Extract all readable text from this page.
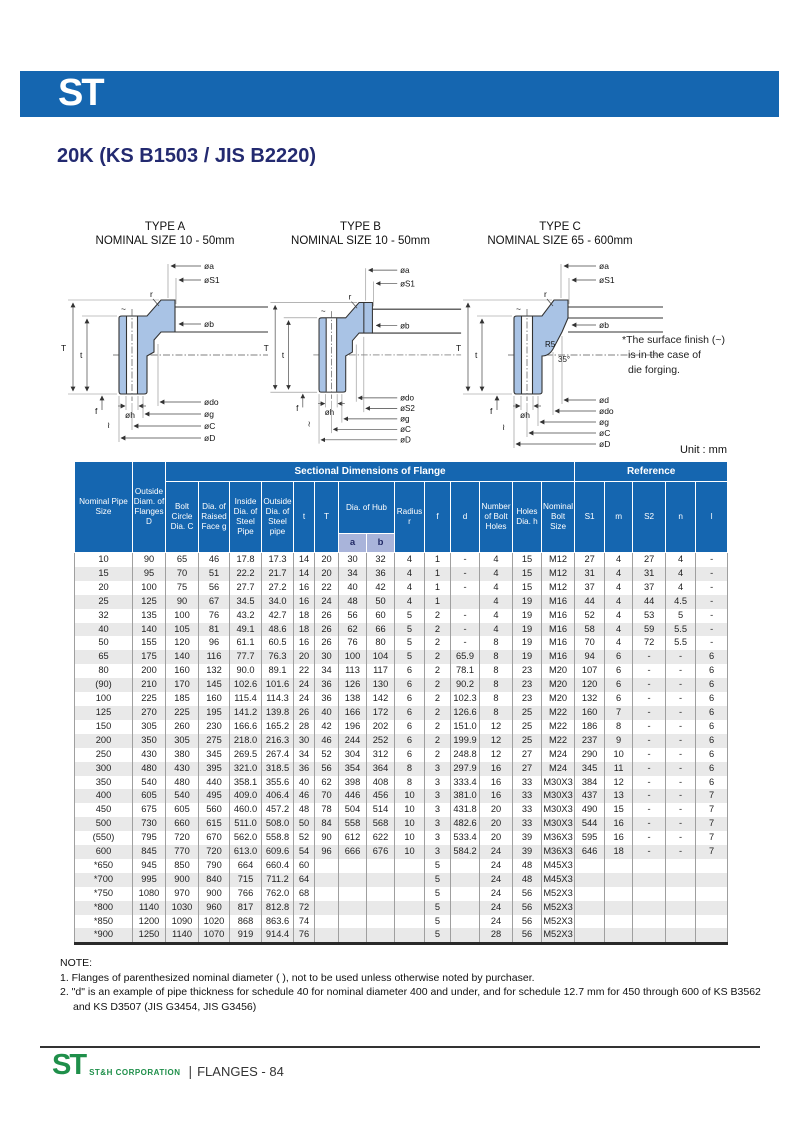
ST
20K (KS B1503 / JIS B2220)
TYPE A
NOMINAL SIZE 10 - 50mm
øa
øS1
øb
T
t
f	øh
r
~
ødo
øg
øC
øD
≀
TYPE B
NOMINAL SIZE 10 - 50mm
øa
øS1
øb
T
t
f	øh
r
~
ødo
øS2
øg
øC
øD
≀
TYPE C
NOMINAL SIZE 65 - 600mm
øa
øS1
øb
T
t
f	øh
r
~
R5
35°
ød
ødo
øg
øC
øD
≀
*The surface finish (~)
is in the case of
die forging.
Unit : mm
Nominal Pipe Size	Outside Diam. of Flanges D	Sectional Dimensions of Flange														Reference				
		Bolt Circle Dia. C	Dia. of Raised Face g	Inside Dia. of Steel Pipe	Outside Dia. of Steel pipe	t	T	Dia. of Hub		Radius r	f	d	Number of Bolt Holes	Holes Dia. h	Nominal Bolt Size	S1	m	S2	n	l
								a	b											
10	90	65	46	17.8	17.3	14	20	30	32	4	1	-	4	15	M12	27	4	27	4	-
15	95	70	51	22.2	21.7	14	20	34	36	4	1	-	4	15	M12	31	4	31	4	-
20	100	75	56	27.7	27.2	16	22	40	42	4	1	-	4	15	M12	37	4	37	4	-
25	125	90	67	34.5	34.0	16	24	48	50	4	1		4	19	M16	44	4	44	4.5	-
32	135	100	76	43.2	42.7	18	26	56	60	5	2	-	4	19	M16	52	4	53	5	-
40	140	105	81	49.1	48.6	18	26	62	66	5	2	-	4	19	M16	58	4	59	5.5	-
50	155	120	96	61.1	60.5	16	26	76	80	5	2	-	8	19	M16	70	4	72	5.5	-
65	175	140	116	77.7	76.3	20	30	100	104	5	2	65.9	8	19	M16	94	6	-	-	6
80	200	160	132	90.0	89.1	22	34	113	117	6	2	78.1	8	23	M20	107	6	-	-	6
(90)	210	170	145	102.6	101.6	24	36	126	130	6	2	90.2	8	23	M20	120	6	-	-	6
100	225	185	160	115.4	114.3	24	36	138	142	6	2	102.3	8	23	M20	132	6	-	-	6
125	270	225	195	141.2	139.8	26	40	166	172	6	2	126.6	8	25	M22	160	7	-	-	6
150	305	260	230	166.6	165.2	28	42	196	202	6	2	151.0	12	25	M22	186	8	-	-	6
200	350	305	275	218.0	216.3	30	46	244	252	6	2	199.9	12	25	M22	237	9	-	-	6
250	430	380	345	269.5	267.4	34	52	304	312	6	2	248.8	12	27	M24	290	10	-	-	6
300	480	430	395	321.0	318.5	36	56	354	364	8	3	297.9	16	27	M24	345	11	-	-	6
350	540	480	440	358.1	355.6	40	62	398	408	8	3	333.4	16	33	M30X3	384	12	-	-	6
400	605	540	495	409.0	406.4	46	70	446	456	10	3	381.0	16	33	M30X3	437	13	-	-	7
450	675	605	560	460.0	457.2	48	78	504	514	10	3	431.8	20	33	M30X3	490	15	-	-	7
500	730	660	615	511.0	508.0	50	84	558	568	10	3	482.6	20	33	M30X3	544	16	-	-	7
(550)	795	720	670	562.0	558.8	52	90	612	622	10	3	533.4	20	39	M36X3	595	16	-	-	7
600	845	770	720	613.0	609.6	54	96	666	676	10	3	584.2	24	39	M36X3	646	18	-	-	7
*650	945	850	790	664	660.4	60					5		24	48	M45X3					
*700	995	900	840	715	711.2	64					5		24	48	M45X3					
*750	1080	970	900	766	762.0	68					5		24	56	M52X3					
*800	1140	1030	960	817	812.8	72					5		24	56	M52X3					
*850	1200	1090	1020	868	863.6	74					5		24	56	M52X3					
*900	1250	1140	1070	919	914.4	76					5		28	56	M52X3					
NOTE:
1. Flanges of parenthesized nominal diameter ( ), not to be used unless otherwise noted by purchaser.
2. "d" is an example of pipe thickness for schedule 40 for nominal diameter 400 and under, and for schedule 12.7 mm for 450 through 600 of KS B3562
and KS D3507 (JIS G3454, JIS G3456)
ST ST&H CORPORATION | FLANGES - 84
